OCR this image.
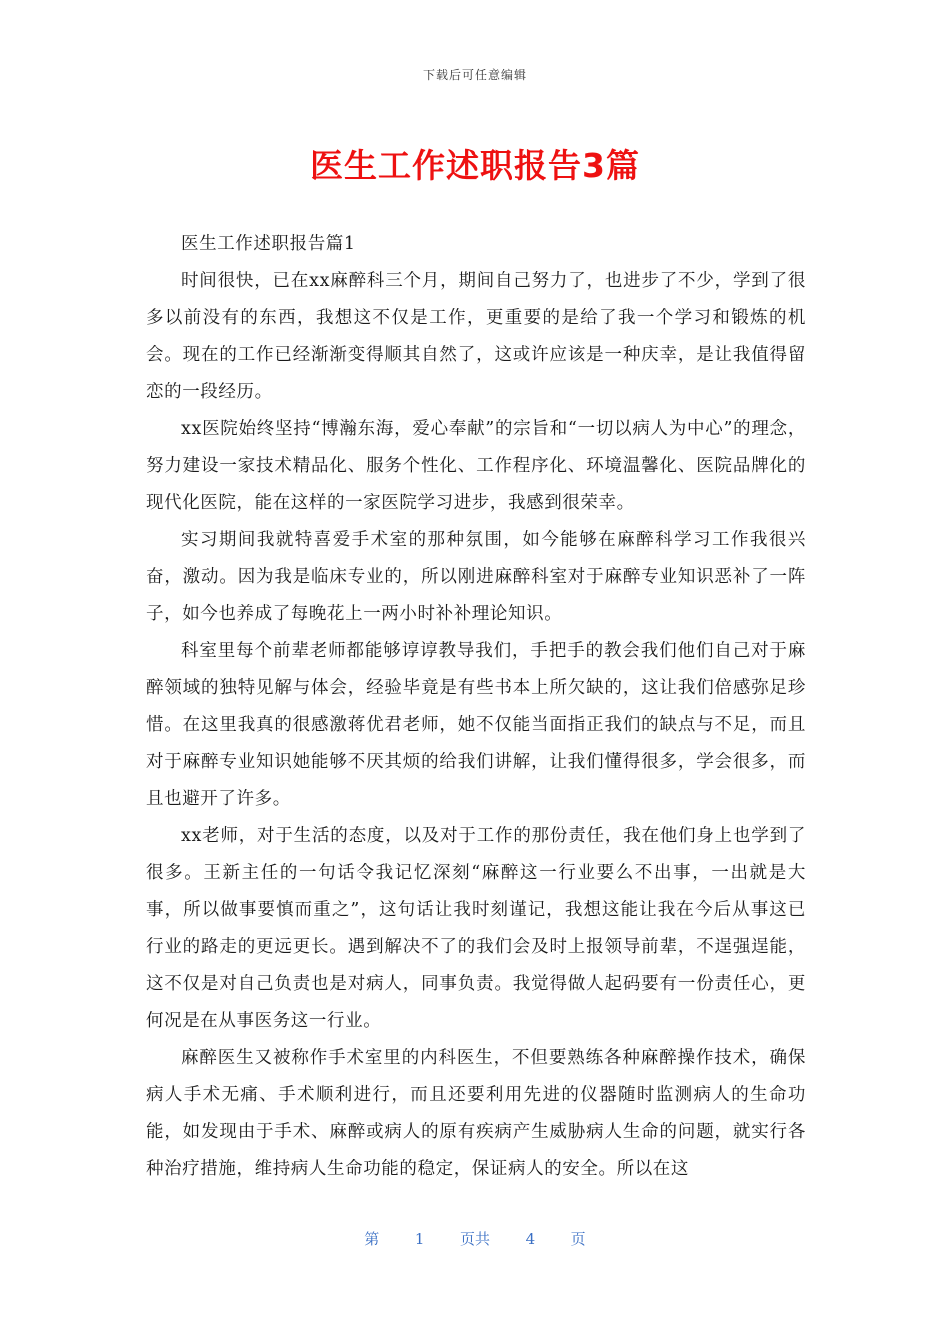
下载后可任意编辑
医生工作述职报告3篇

医生工作述职报告篇1

时间很快，已在xx麻醉科三个月，期间自己努力了，也进步了不少，学到了很多以前没有的东西，我想这不仅是工作，更重要的是给了我一个学习和锻炼的机会。现在的工作已经渐渐变得顺其自然了，这或许应该是一种庆幸，是让我值得留恋的一段经历。

xx医院始终坚持“博瀚东海，爱心奉献”的宗旨和“一切以病人为中心”的理念，努力建设一家技术精品化、服务个性化、工作程序化、环境温馨化、医院品牌化的现代化医院，能在这样的一家医院学习进步，我感到很荣幸。

实习期间我就特喜爱手术室的那种氛围，如今能够在麻醉科学习工作我很兴奋，激动。因为我是临床专业的，所以刚进麻醉科室对于麻醉专业知识恶补了一阵子，如今也养成了每晚花上一两小时补补理论知识。

科室里每个前辈老师都能够谆谆教导我们，手把手的教会我们他们自己对于麻醉领域的独特见解与体会，经验毕竟是有些书本上所欠缺的，这让我们倍感弥足珍惜。在这里我真的很感激蒋优君老师，她不仅能当面指正我们的缺点与不足，而且对于麻醉专业知识她能够不厌其烦的给我们讲解，让我们懂得很多，学会很多，而且也避开了许多。

xx老师，对于生活的态度，以及对于工作的那份责任，我在他们身上也学到了很多。王新主任的一句话令我记忆深刻“麻醉这一行业要么不出事，一出就是大事，所以做事要慎而重之”，这句话让我时刻谨记，我想这能让我在今后从事这已行业的路走的更远更长。遇到解决不了的我们会及时上报领导前辈，不逞强逞能，这不仅是对自己负责也是对病人，同事负责。我觉得做人起码要有一份责任心，更何况是在从事医务这一行业。

麻醉医生又被称作手术室里的内科医生，不但要熟练各种麻醉操作技术，确保病人手术无痛、手术顺利进行，而且还要利用先进的仪器随时监测病人的生命功能，如发现由于手术、麻醉或病人的原有疾病产生威胁病人生命的问题，就实行各种治疗措施，维持病人生命功能的稳定，保证病人的安全。所以在这

第 1 页共 4 页
